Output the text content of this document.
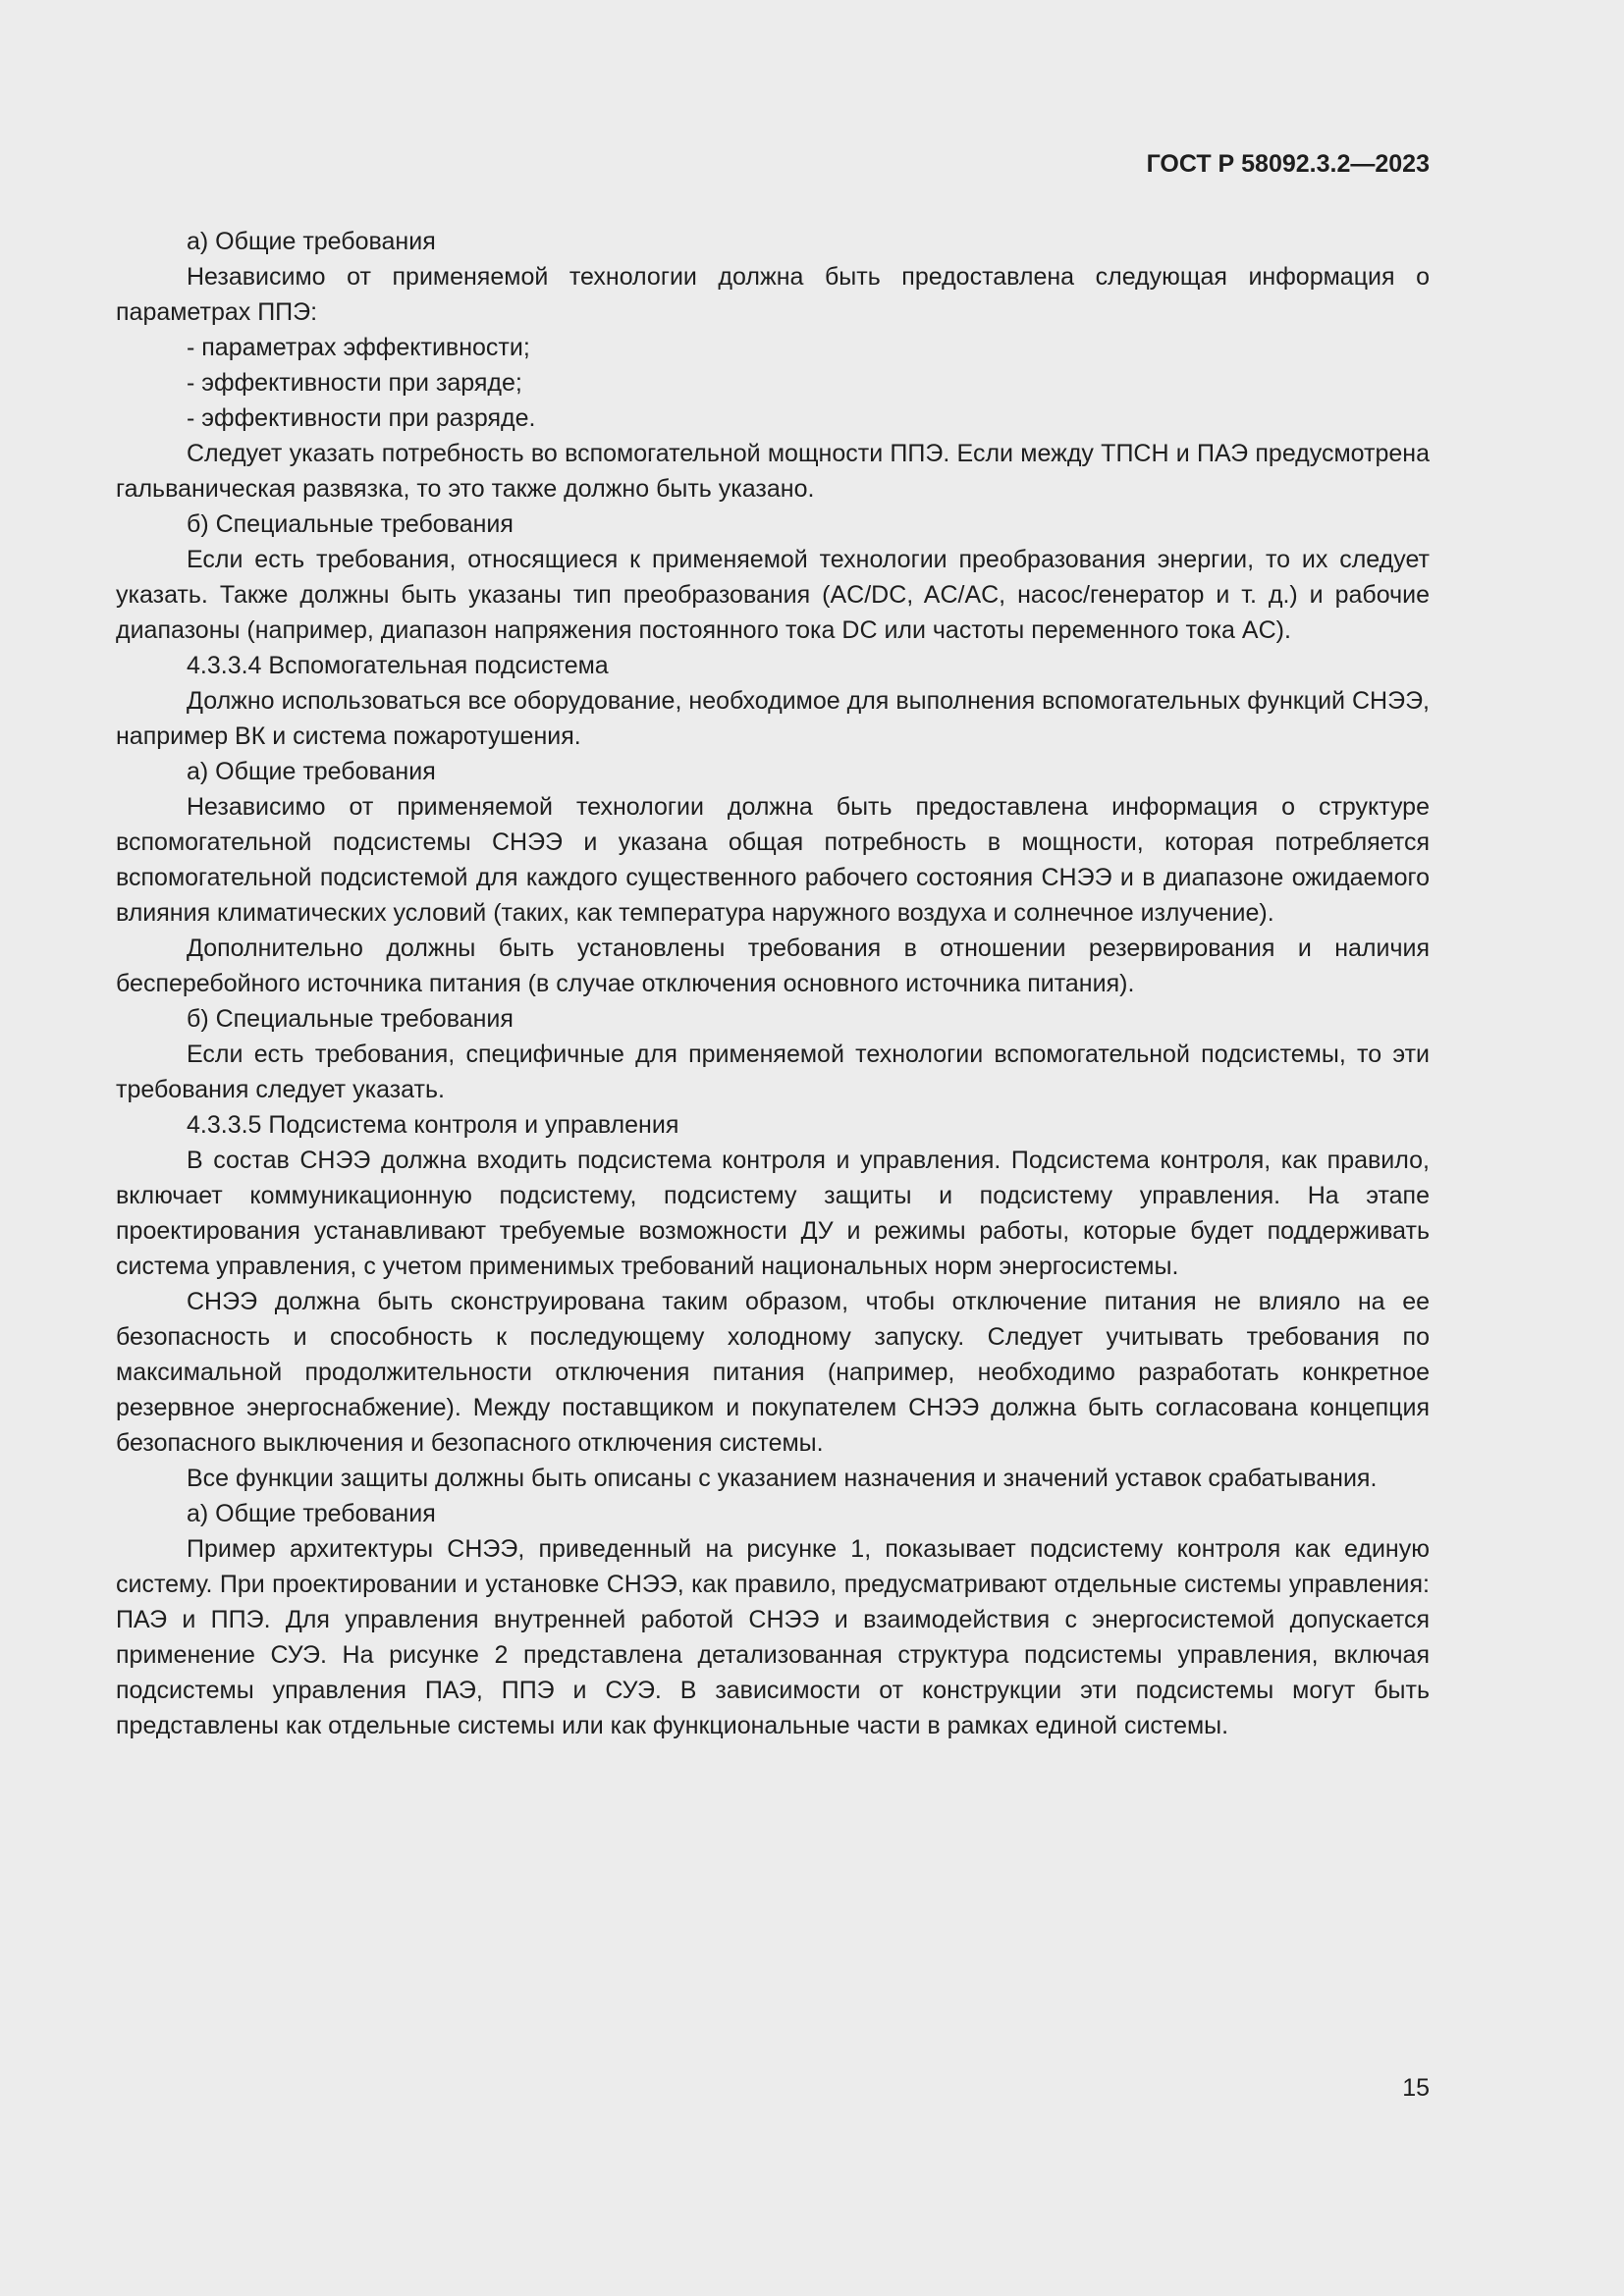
ГОСТ Р 58092.3.2—2023

а) Общие требования

Независимо от применяемой технологии должна быть предоставлена следующая информация о параметрах ППЭ:

- параметрах эффективности;

- эффективности при заряде;

- эффективности при разряде.

Следует указать потребность во вспомогательной мощности ППЭ. Если между ТПСН и ПАЭ предусмотрена гальваническая развязка, то это также должно быть указано.

б) Специальные требования

Если есть требования, относящиеся к применяемой технологии преобразования энергии, то их следует указать. Также должны быть указаны тип преобразования (AC/DC, AC/AC, насос/генератор и т. д.) и рабочие диапазоны (например, диапазон напряжения постоянного тока DC или частоты переменного тока AC).

4.3.3.4 Вспомогательная подсистема

Должно использоваться все оборудование, необходимое для выполнения вспомогательных функций СНЭЭ, например ВК и система пожаротушения.

а) Общие требования

Независимо от применяемой технологии должна быть предоставлена информация о структуре вспомогательной подсистемы СНЭЭ и указана общая потребность в мощности, которая потребляется вспомогательной подсистемой для каждого существенного рабочего состояния СНЭЭ и в диапазоне ожидаемого влияния климатических условий (таких, как температура наружного воздуха и солнечное излучение).

Дополнительно должны быть установлены требования в отношении резервирования и наличия бесперебойного источника питания (в случае отключения основного источника питания).

б) Специальные требования

Если есть требования, специфичные для применяемой технологии вспомогательной подсистемы, то эти требования следует указать.

4.3.3.5 Подсистема контроля и управления

В состав СНЭЭ должна входить подсистема контроля и управления. Подсистема контроля, как правило, включает коммуникационную подсистему, подсистему защиты и подсистему управления. На этапе проектирования устанавливают требуемые возможности ДУ и режимы работы, которые будет поддерживать система управления, с учетом применимых требований национальных норм энергосистемы.

СНЭЭ должна быть сконструирована таким образом, чтобы отключение питания не влияло на ее безопасность и способность к последующему холодному запуску. Следует учитывать требования по максимальной продолжительности отключения питания (например, необходимо разработать конкретное резервное энергоснабжение). Между поставщиком и покупателем СНЭЭ должна быть согласована концепция безопасного выключения и безопасного отключения системы.

Все функции защиты должны быть описаны с указанием назначения и значений уставок срабатывания.

а) Общие требования

Пример архитектуры СНЭЭ, приведенный на рисунке 1, показывает подсистему контроля как единую систему. При проектировании и установке СНЭЭ, как правило, предусматривают отдельные системы управления: ПАЭ и ППЭ. Для управления внутренней работой СНЭЭ и взаимодействия с энергосистемой допускается применение СУЭ. На рисунке 2 представлена детализованная структура подсистемы управления, включая подсистемы управления ПАЭ, ППЭ и СУЭ. В зависимости от конструкции эти подсистемы могут быть представлены как отдельные системы или как функциональные части в рамках единой системы.

15
